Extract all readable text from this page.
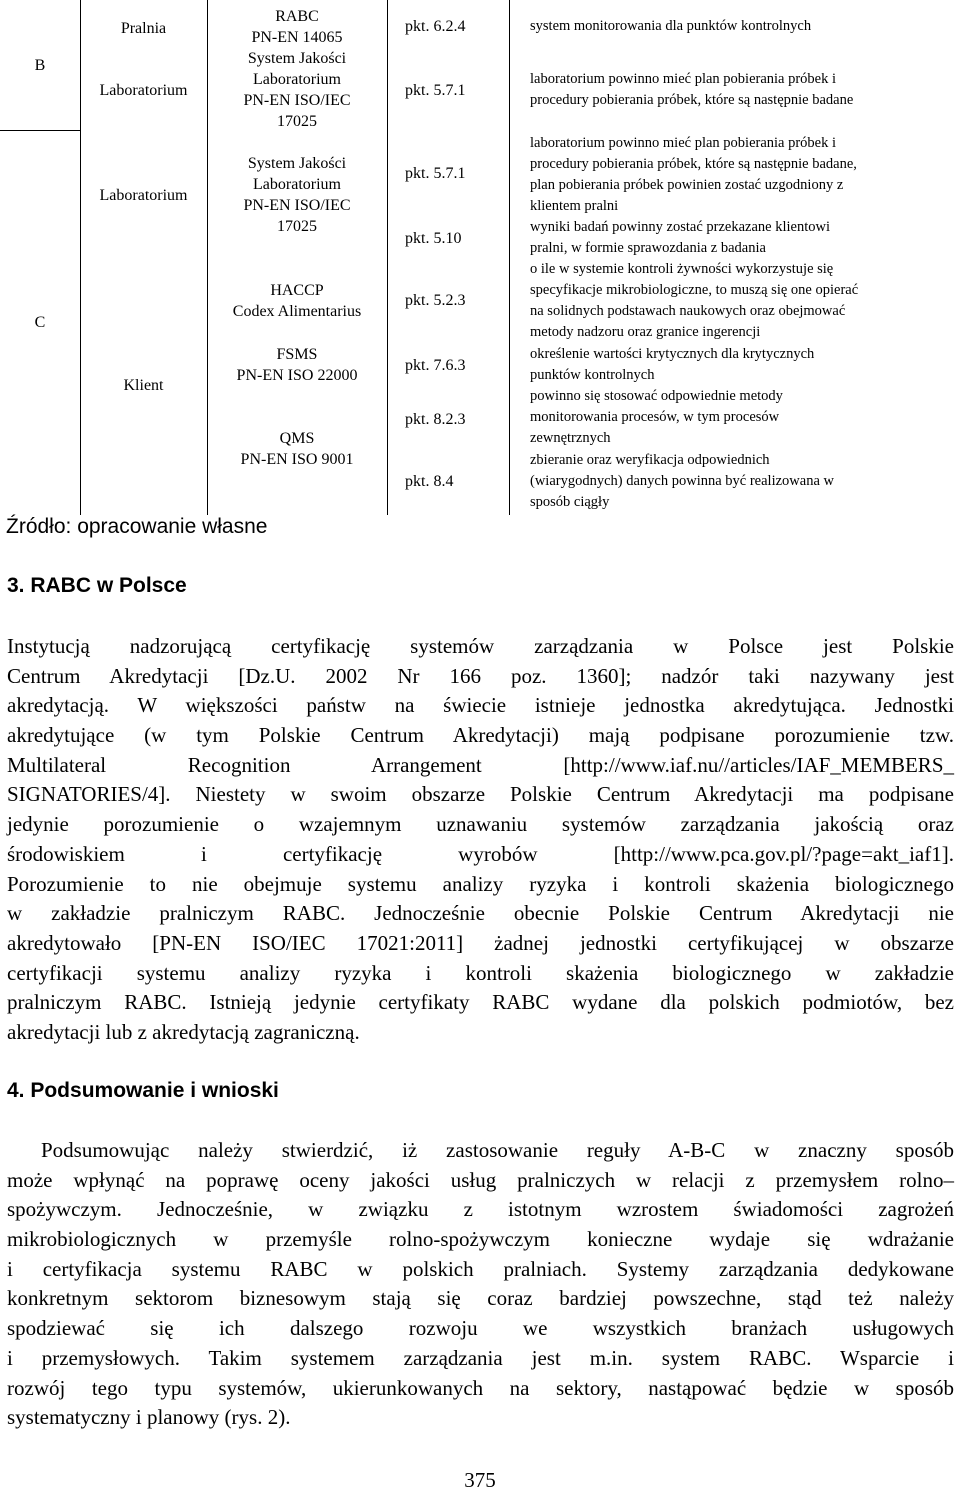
B
C
Pralnia
Laboratorium
Laboratorium
Klient
RABC
PN-EN 14065
System Jakości
Laboratorium
PN-EN ISO/IEC
17025
System Jakości
Laboratorium
PN-EN ISO/IEC
17025
HACCP
Codex Alimentarius
FSMS
PN-EN ISO 22000
QMS
PN-EN ISO 9001
pkt. 6.2.4
pkt. 5.7.1
pkt. 5.7.1
pkt. 5.10
pkt. 5.2.3
pkt. 7.6.3
pkt. 8.2.3
pkt. 8.4
system monitorowania dla punktów kontrolnych
laboratorium powinno mieć plan pobierania próbek i
procedury pobierania próbek, które są następnie badane
laboratorium powinno mieć plan pobierania próbek i
procedury pobierania próbek, które są następnie badane,
plan pobierania próbek powinien zostać uzgodniony z
klientem pralni
wyniki badań powinny zostać przekazane klientowi
pralni, w formie sprawozdania z badania
o ile w systemie kontroli żywności wykorzystuje się
specyfikacje mikrobiologiczne, to muszą się one opierać
na solidnych podstawach naukowych oraz obejmować
metody nadzoru oraz granice ingerencji
określenie wartości krytycznych dla krytycznych
punktów kontrolnych
powinno się stosować odpowiednie metody
monitorowania procesów, w tym procesów
zewnętrznych
zbieranie oraz weryfikacja odpowiednich
(wiarygodnych) danych powinna być realizowana w
sposób ciągły
Źródło: opracowanie własne
3. RABC w Polsce
Instytucją nadzorującą certyfikację systemów zarządzania w Polsce jest Polskie
Centrum Akredytacji [Dz.U. 2002 Nr 166 poz. 1360]; nadzór taki nazywany jest
akredytacją. W większości państw na świecie istnieje jednostka akredytująca. Jednostki
akredytujące (w tym Polskie Centrum Akredytacji) mają podpisane porozumienie tzw.
Multilateral Recognition Arrangement [http://www.iaf.nu//articles/IAF_MEMBERS_
SIGNATORIES/4]. Niestety w swoim obszarze Polskie Centrum Akredytacji ma podpisane
jedynie porozumienie o wzajemnym uznawaniu systemów zarządzania jakością oraz
środowiskiem i certyfikację wyrobów [http://www.pca.gov.pl/?page=akt_iaf1].
Porozumienie to nie obejmuje systemu analizy ryzyka i kontroli skażenia biologicznego
w zakładzie pralniczym RABC. Jednocześnie obecnie Polskie Centrum Akredytacji nie
akredytowało [PN-EN ISO/IEC 17021:2011] żadnej jednostki certyfikującej w obszarze
certyfikacji systemu analizy ryzyka i kontroli skażenia biologicznego w zakładzie
pralniczym RABC. Istnieją jedynie certyfikaty RABC wydane dla polskich podmiotów, bez
akredytacji lub z akredytacją zagraniczną.
4. Podsumowanie i wnioski
Podsumowując należy stwierdzić, iż zastosowanie reguły A-B-C w znaczny sposób
może wpłynąć na poprawę oceny jakości usług pralniczych w relacji z przemysłem rolno–
spożywczym. Jednocześnie, w związku z istotnym wzrostem świadomości zagrożeń
mikrobiologicznych w przemyśle rolno-spożywczym konieczne wydaje się wdrażanie
i certyfikacja systemu RABC w polskich pralniach. Systemy zarządzania dedykowane
konkretnym sektorom biznesowym stają się coraz bardziej powszechne, stąd też należy
spodziewać się ich dalszego rozwoju we wszystkich branżach usługowych
i przemysłowych. Takim systemem zarządzania jest m.in. system RABC. Wsparcie i
rozwój tego typu systemów, ukierunkowanych na sektory, nastąpować będzie w sposób
systematyczny i planowy (rys. 2).
375
